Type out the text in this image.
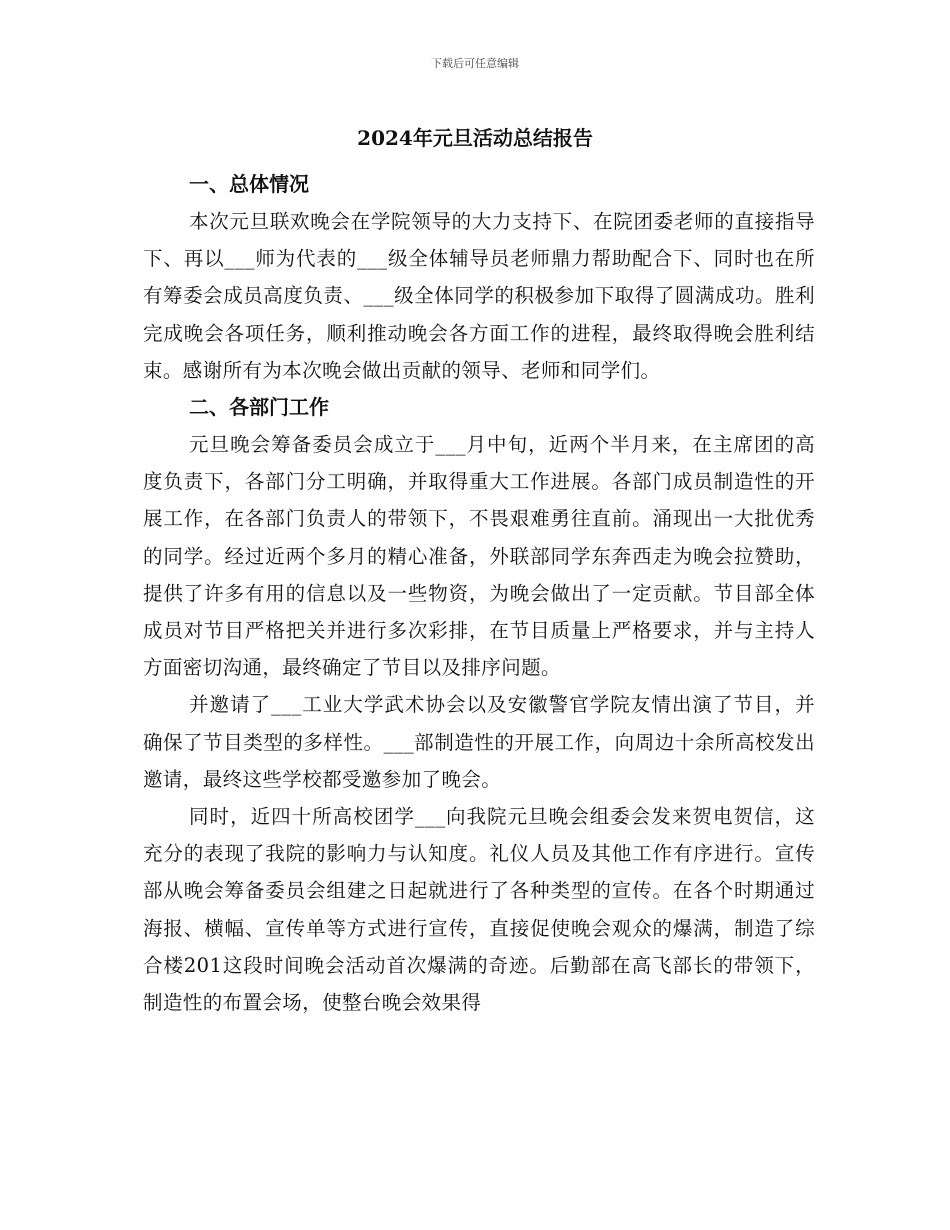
下载后可任意编辑
2024年元旦活动总结报告

一、总体情况

本次元旦联欢晚会在学院领导的大力支持下、在院团委老师的直接指导下、再以___师为代表的___级全体辅导员老师鼎力帮助配合下、同时也在所有筹委会成员高度负责、___级全体同学的积极参加下取得了圆满成功。胜利完成晚会各项任务，顺利推动晚会各方面工作的进程，最终取得晚会胜利结束。感谢所有为本次晚会做出贡献的领导、老师和同学们。

二、各部门工作

元旦晚会筹备委员会成立于___月中旬，近两个半月来，在主席团的高度负责下，各部门分工明确，并取得重大工作进展。各部门成员制造性的开展工作，在各部门负责人的带领下，不畏艰难勇往直前。涌现出一大批优秀的同学。经过近两个多月的精心准备，外联部同学东奔西走为晚会拉赞助，提供了许多有用的信息以及一些物资，为晚会做出了一定贡献。节目部全体成员对节目严格把关并进行多次彩排，在节目质量上严格要求，并与主持人方面密切沟通，最终确定了节目以及排序问题。

并邀请了___工业大学武术协会以及安徽警官学院友情出演了节目，并确保了节目类型的多样性。___部制造性的开展工作，向周边十余所高校发出邀请，最终这些学校都受邀参加了晚会。

同时，近四十所高校团学___向我院元旦晚会组委会发来贺电贺信，这充分的表现了我院的影响力与认知度。礼仪人员及其他工作有序进行。宣传部从晚会筹备委员会组建之日起就进行了各种类型的宣传。在各个时期通过海报、横幅、宣传单等方式进行宣传，直接促使晚会观众的爆满，制造了综合楼201这段时间晚会活动首次爆满的奇迹。后勤部在高飞部长的带领下，制造性的布置会场，使整台晚会效果得
